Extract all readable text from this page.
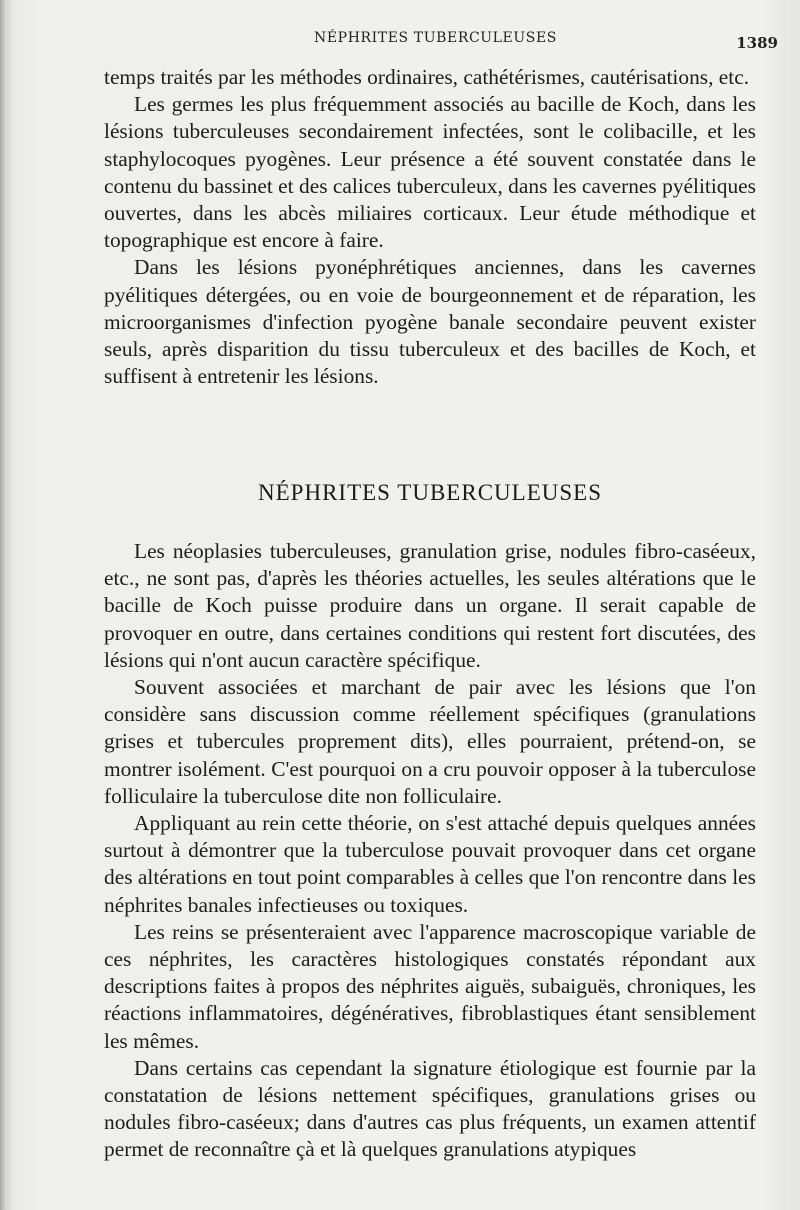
NÉPHRITES TUBERCULEUSES	1389

temps traités par les méthodes ordinaires, cathétérismes, cautérisations, etc.

Les germes les plus fréquemment associés au bacille de Koch, dans les lésions tuberculeuses secondairement infectées, sont le colibacille, et les staphylocoques pyogènes. Leur présence a été souvent constatée dans le contenu du bassinet et des calices tuberculeux, dans les cavernes pyélitiques ouvertes, dans les abcès miliaires corticaux. Leur étude méthodique et topographique est encore à faire.

Dans les lésions pyonéphrétiques anciennes, dans les cavernes pyélitiques détergées, ou en voie de bourgeonnement et de réparation, les microorganismes d'infection pyogène banale secondaire peuvent exister seuls, après disparition du tissu tuberculeux et des bacilles de Koch, et suffisent à entretenir les lésions.

NÉPHRITES TUBERCULEUSES

Les néoplasies tuberculeuses, granulation grise, nodules fibro-caséeux, etc., ne sont pas, d'après les théories actuelles, les seules altérations que le bacille de Koch puisse produire dans un organe. Il serait capable de provoquer en outre, dans certaines conditions qui restent fort discutées, des lésions qui n'ont aucun caractère spécifique.

Souvent associées et marchant de pair avec les lésions que l'on considère sans discussion comme réellement spécifiques (granulations grises et tubercules proprement dits), elles pourraient, prétend-on, se montrer isolément. C'est pourquoi on a cru pouvoir opposer à la tuberculose folliculaire la tuberculose dite non folliculaire.

Appliquant au rein cette théorie, on s'est attaché depuis quelques années surtout à démontrer que la tuberculose pouvait provoquer dans cet organe des altérations en tout point comparables à celles que l'on rencontre dans les néphrites banales infectieuses ou toxiques.

Les reins se présenteraient avec l'apparence macroscopique variable de ces néphrites, les caractères histologiques constatés répondant aux descriptions faites à propos des néphrites aiguës, subaiguës, chroniques, les réactions inflammatoires, dégénératives, fibroblastiques étant sensiblement les mêmes.

Dans certains cas cependant la signature étiologique est fournie par la constatation de lésions nettement spécifiques, granulations grises ou nodules fibro-caséeux; dans d'autres cas plus fréquents, un examen attentif permet de reconnaître çà et là quelques granulations atypiques
